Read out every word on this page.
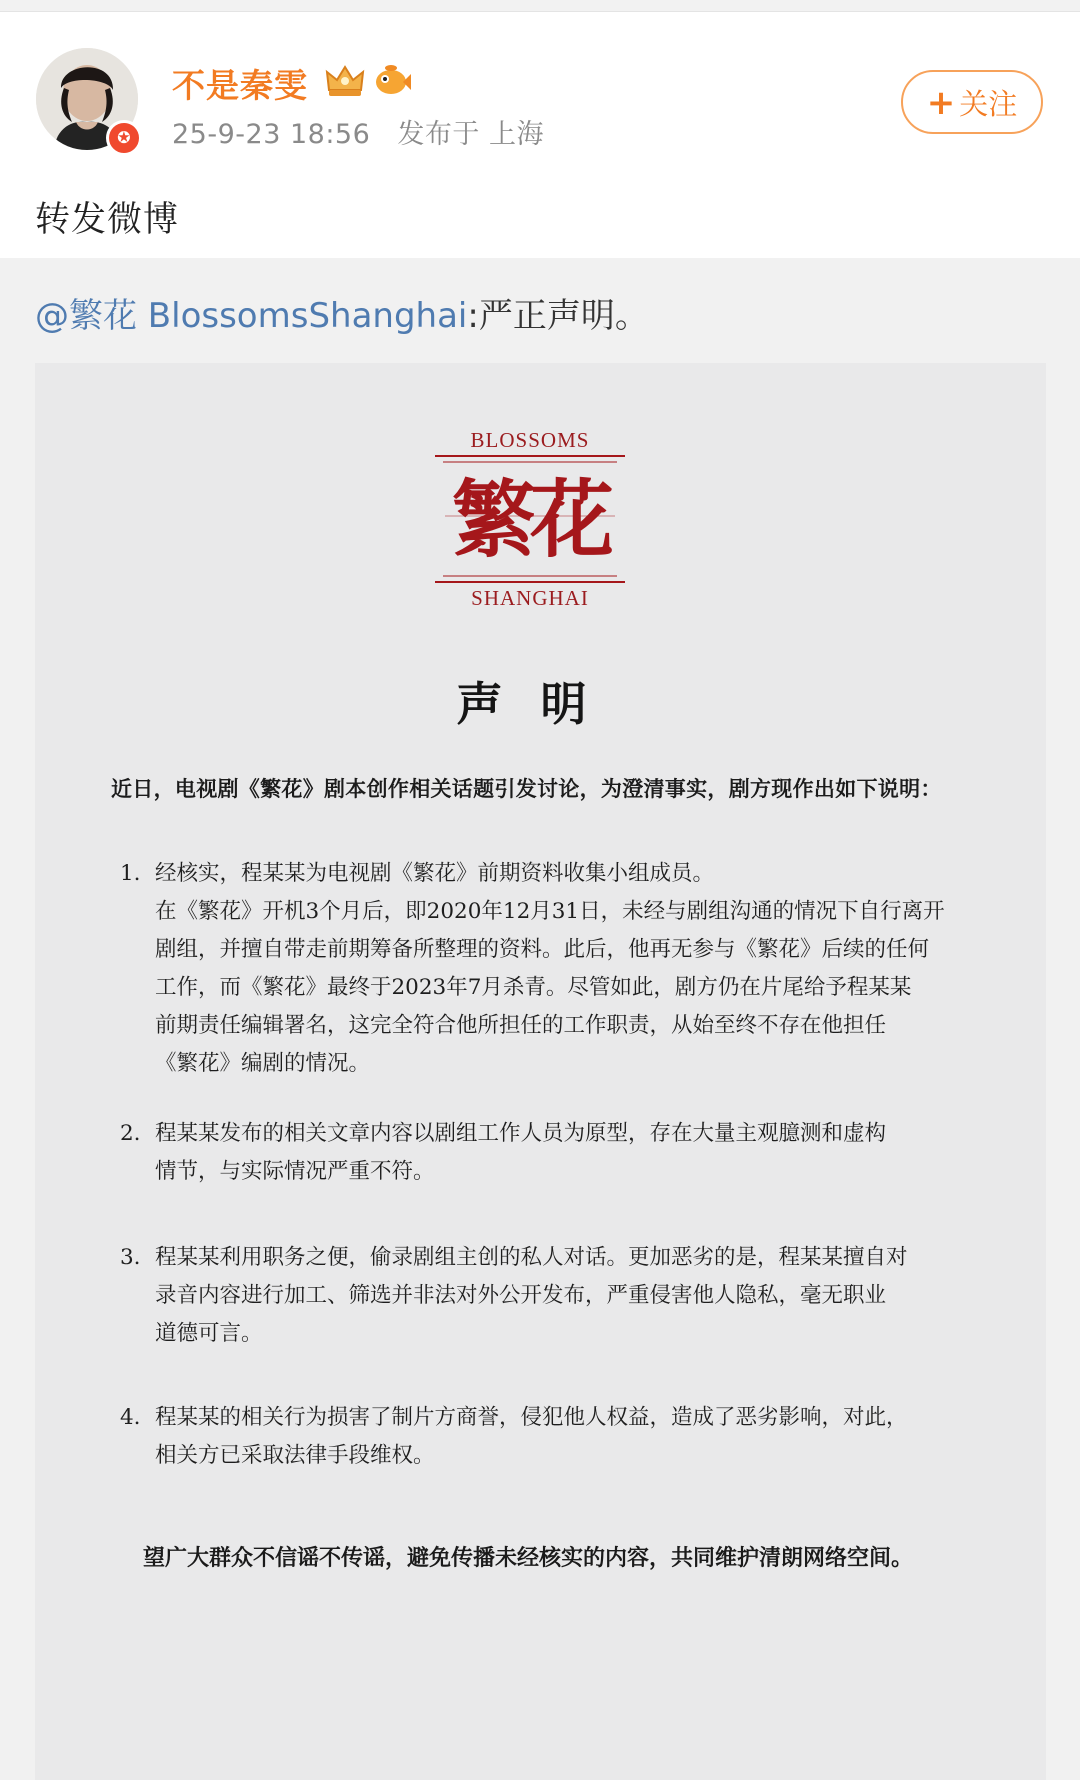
✪
不是秦雯
25-9-23 18:56 发布于 上海
+ 关注
转发微博
@繁花 BlossomsShanghai:严正声明。
BLOSSOMS
繁花
SHANGHAI
声明
近日，电视剧《繁花》剧本创作相关话题引发讨论，为澄清事实，剧方现作出如下说明：
1. 经核实，程某某为电视剧《繁花》前期资料收集小组成员。
在《繁花》开机3个月后，即2020年12月31日，未经与剧组沟通的情况下自行离开
剧组，并擅自带走前期筹备所整理的资料。此后，他再无参与《繁花》后续的任何
工作，而《繁花》最终于2023年7月杀青。尽管如此，剧方仍在片尾给予程某某
前期责任编辑署名，这完全符合他所担任的工作职责，从始至终不存在他担任
《繁花》编剧的情况。
2. 程某某发布的相关文章内容以剧组工作人员为原型，存在大量主观臆测和虚构
情节，与实际情况严重不符。
3. 程某某利用职务之便，偷录剧组主创的私人对话。更加恶劣的是，程某某擅自对
录音内容进行加工、筛选并非法对外公开发布，严重侵害他人隐私，毫无职业
道德可言。
4. 程某某的相关行为损害了制片方商誉，侵犯他人权益，造成了恶劣影响，对此，
相关方已采取法律手段维权。
望广大群众不信谣不传谣，避免传播未经核实的内容，共同维护清朗网络空间。
